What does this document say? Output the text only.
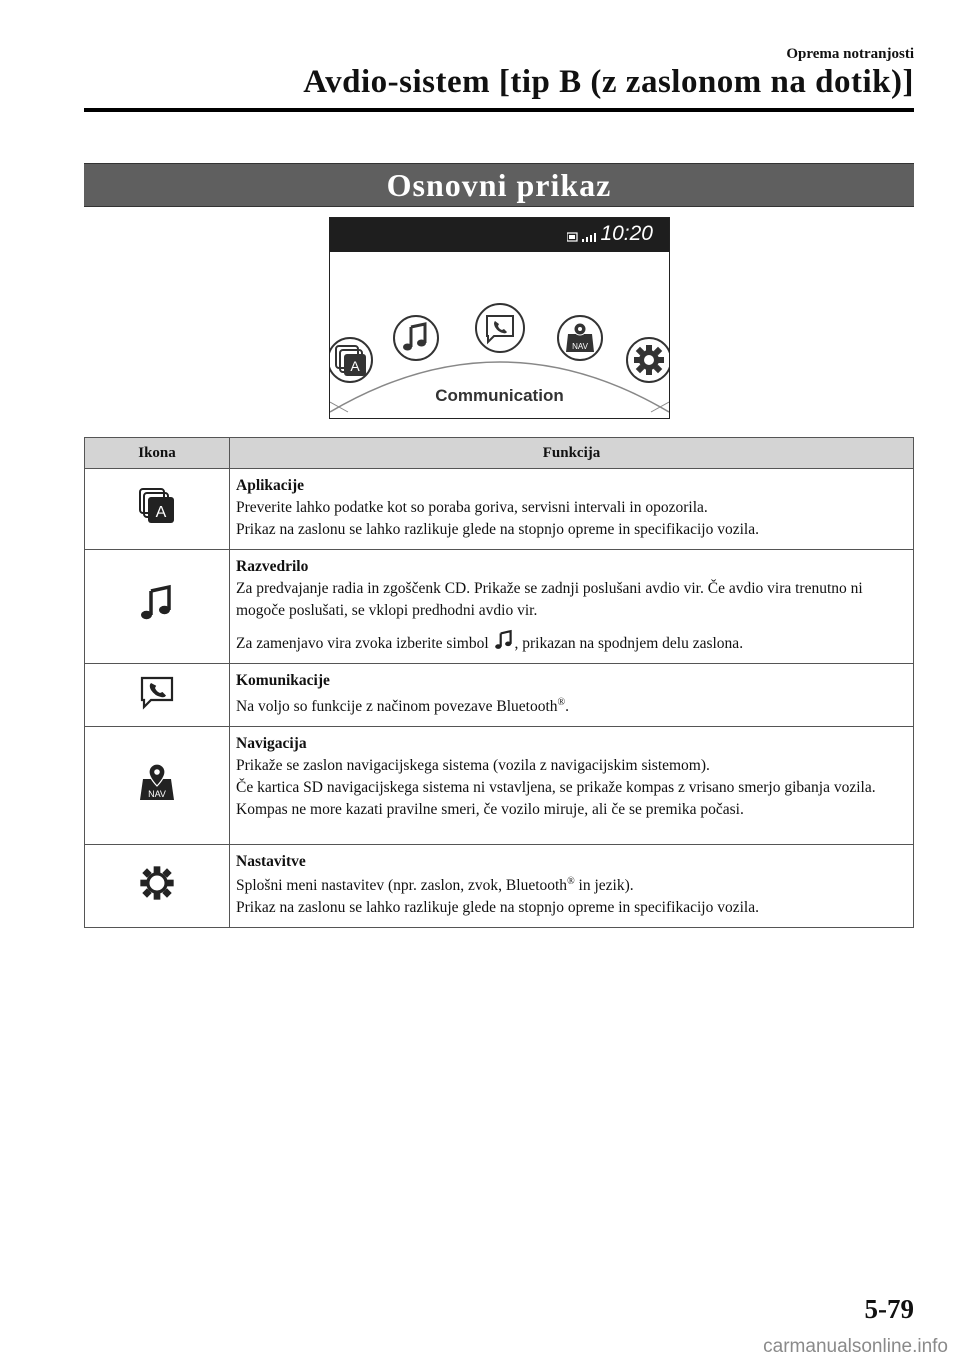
Oprema notranjosti
Avdio-sistem [tip B (z zaslonom na dotik)]
Osnovni prikaz
10:20
A
NAV
Communication
Ikona	Funkcija

A	Aplikacije
Preverite lahko podatke kot so poraba goriva, servisni intervali in opozorila.
Prikaz na zaslonu se lahko razlikuje glede na stopnjo opreme in specifikacijo vozila.

Razvedrilo
Za predvajanje radia in zgoščenk CD. Prikaže se zadnji poslušani avdio vir. Če avdio vira trenutno ni mogoče poslušati, se vklopi predhodni avdio vir.
Za zamenjavo vira zvoka izberite simbol , prikazan na spodnjem delu zaslona.

Komunikacije
Na voljo so funkcije z načinom povezave Bluetooth®.

NAV	Navigacija
Prikaže se zaslon navigacijskega sistema (vozila z navigacijskim sistemom).
Če kartica SD navigacijskega sistema ni vstavljena, se prikaže kompas z vrisano smerjo gibanja vozila.
Kompas ne more kazati pravilne smeri, če vozilo miruje, ali če se premika počasi.

Nastavitve
Splošni meni nastavitev (npr. zaslon, zvok, Bluetooth® in jezik).
Prikaz na zaslonu se lahko razlikuje glede na stopnjo opreme in specifikacijo vozila.
5-79
carmanualsonline.info
